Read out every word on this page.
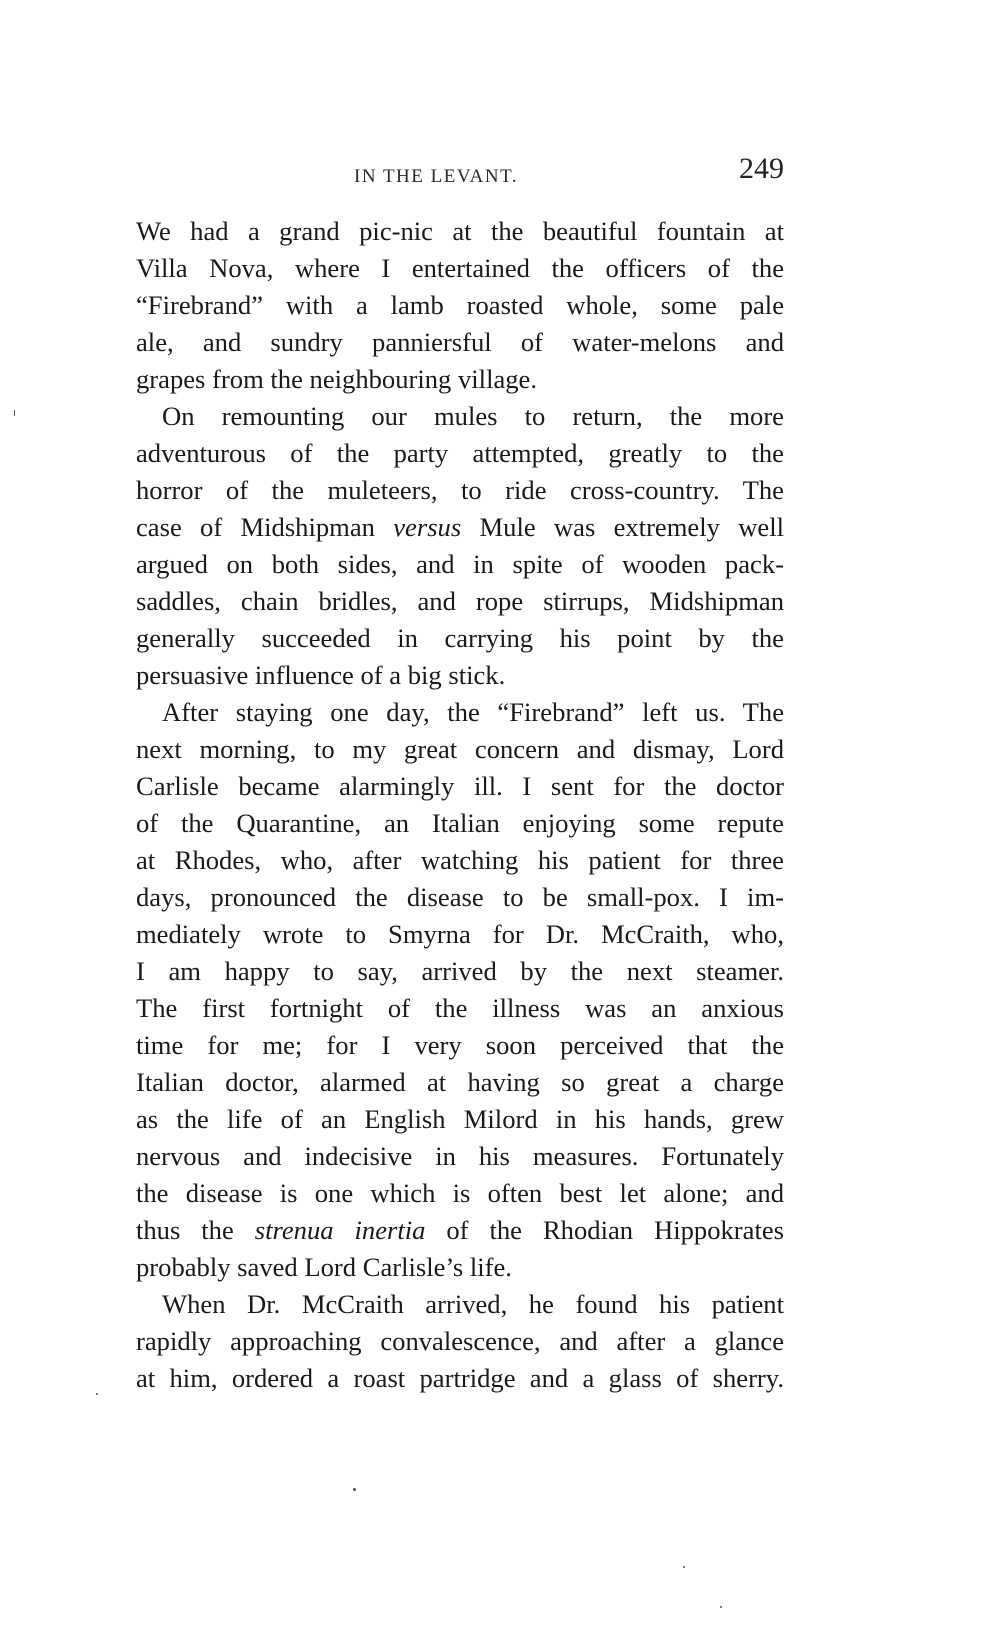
IN THE LEVANT.	249
We had a grand pic-nic at the beautiful fountain at
Villa Nova, where I entertained the officers of the
“Firebrand” with a lamb roasted whole, some pale
ale, and sundry panniersful of water-melons and
grapes from the neighbouring village.
On remounting our mules to return, the more
adventurous of the party attempted, greatly to the
horror of the muleteers, to ride cross-country. The
case of Midshipman versus Mule was extremely well
argued on both sides, and in spite of wooden pack-
saddles, chain bridles, and rope stirrups, Midshipman
generally succeeded in carrying his point by the
persuasive influence of a big stick.
After staying one day, the “Firebrand” left us. The
next morning, to my great concern and dismay, Lord
Carlisle became alarmingly ill. I sent for the doctor
of the Quarantine, an Italian enjoying some repute
at Rhodes, who, after watching his patient for three
days, pronounced the disease to be small-pox. I im-
mediately wrote to Smyrna for Dr. McCraith, who,
I am happy to say, arrived by the next steamer.
The first fortnight of the illness was an anxious
time for me; for I very soon perceived that the
Italian doctor, alarmed at having so great a charge
as the life of an English Milord in his hands, grew
nervous and indecisive in his measures. Fortunately
the disease is one which is often best let alone; and
thus the strenua inertia of the Rhodian Hippokrates
probably saved Lord Carlisle’s life.
When Dr. McCraith arrived, he found his patient
rapidly approaching convalescence, and after a glance
at him, ordered a roast partridge and a glass of sherry.
